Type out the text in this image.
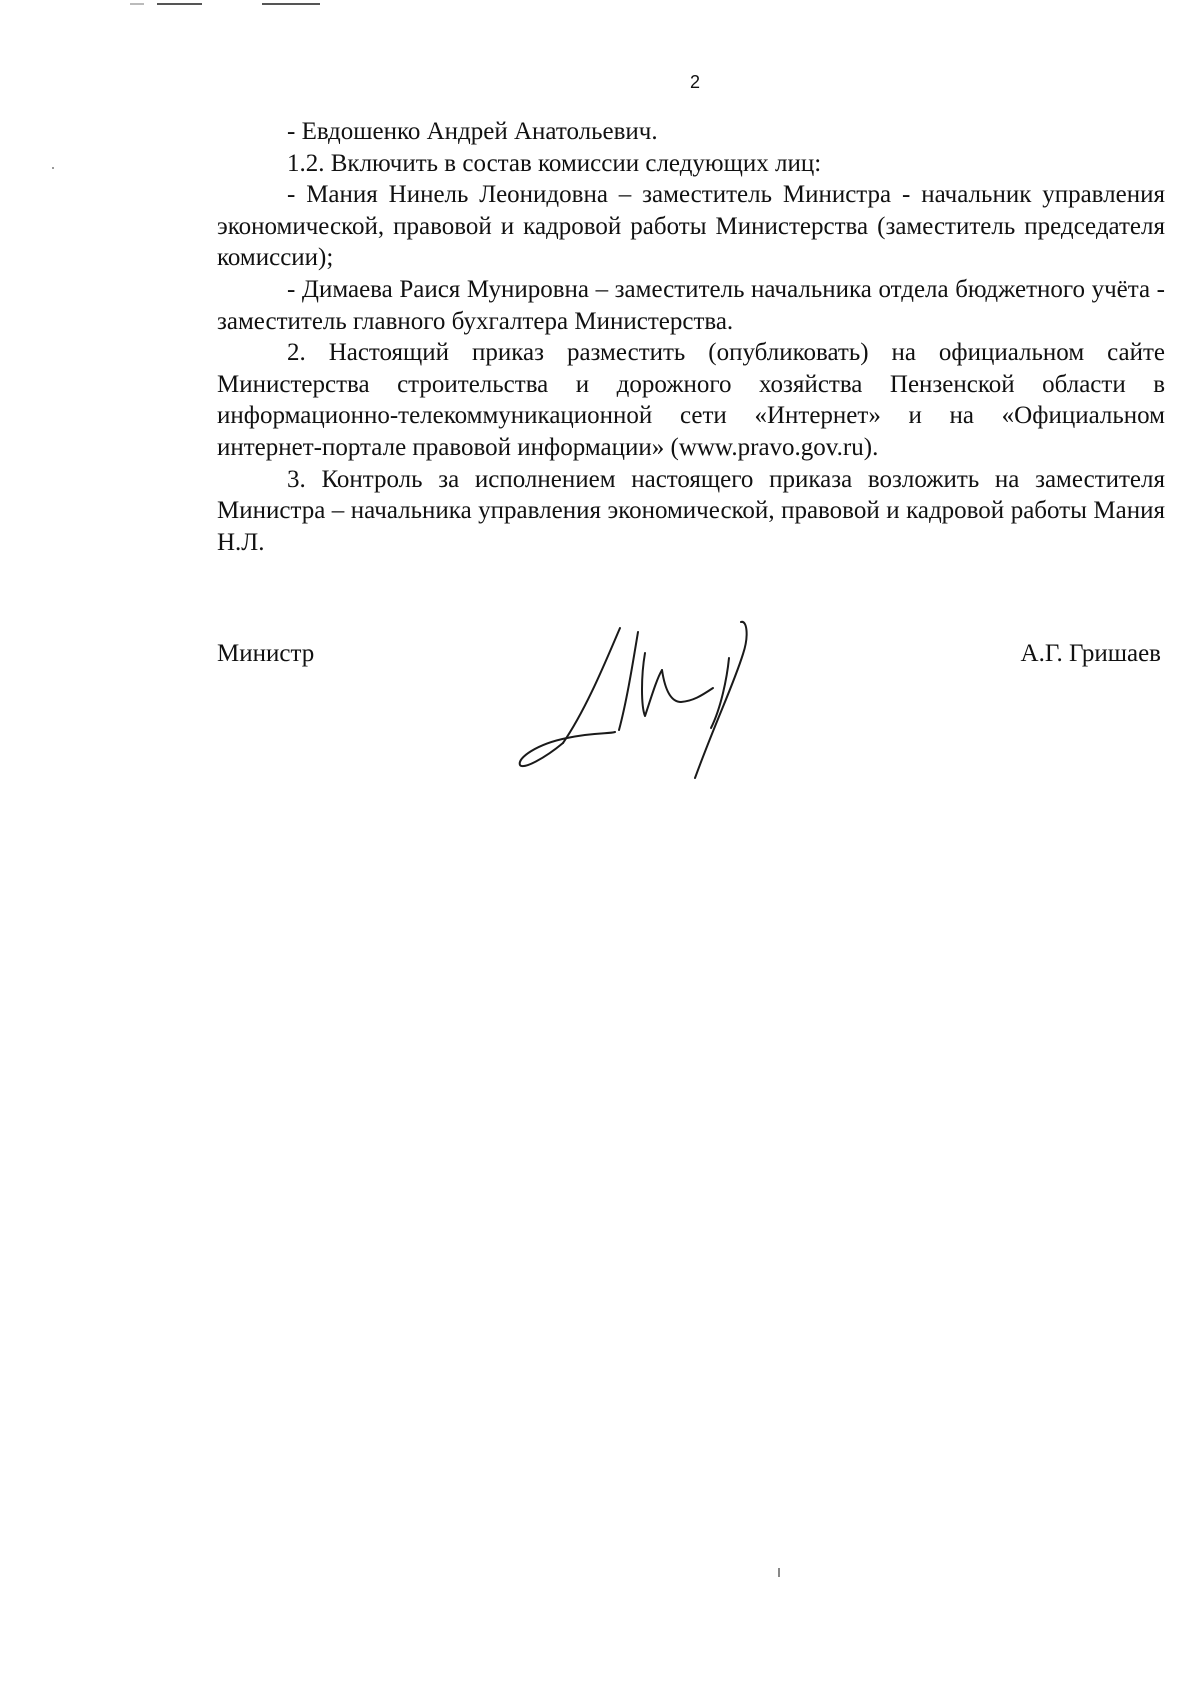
2

- Евдошенко Андрей Анатольевич.

1.2. Включить в состав комиссии следующих лиц:

- Мания Нинель Леонидовна – заместитель Министра - начальник управления экономической, правовой и кадровой работы Министерства (заместитель председателя комиссии);

- Димаева Раися Мунировна – заместитель начальника отдела бюджетного учёта - заместитель главного бухгалтера Министерства.

2. Настоящий приказ разместить (опубликовать) на официальном сайте Министерства строительства и дорожного хозяйства Пензенской области в информационно-телекоммуникационной сети «Интернет» и на «Официальном интернет-портале правовой информации» (www.pravo.gov.ru).

3. Контроль за исполнением настоящего приказа возложить на заместителя Министра – начальника управления экономической, правовой и кадровой работы Мания Н.Л.

Министр	А.Г. Гришаев
